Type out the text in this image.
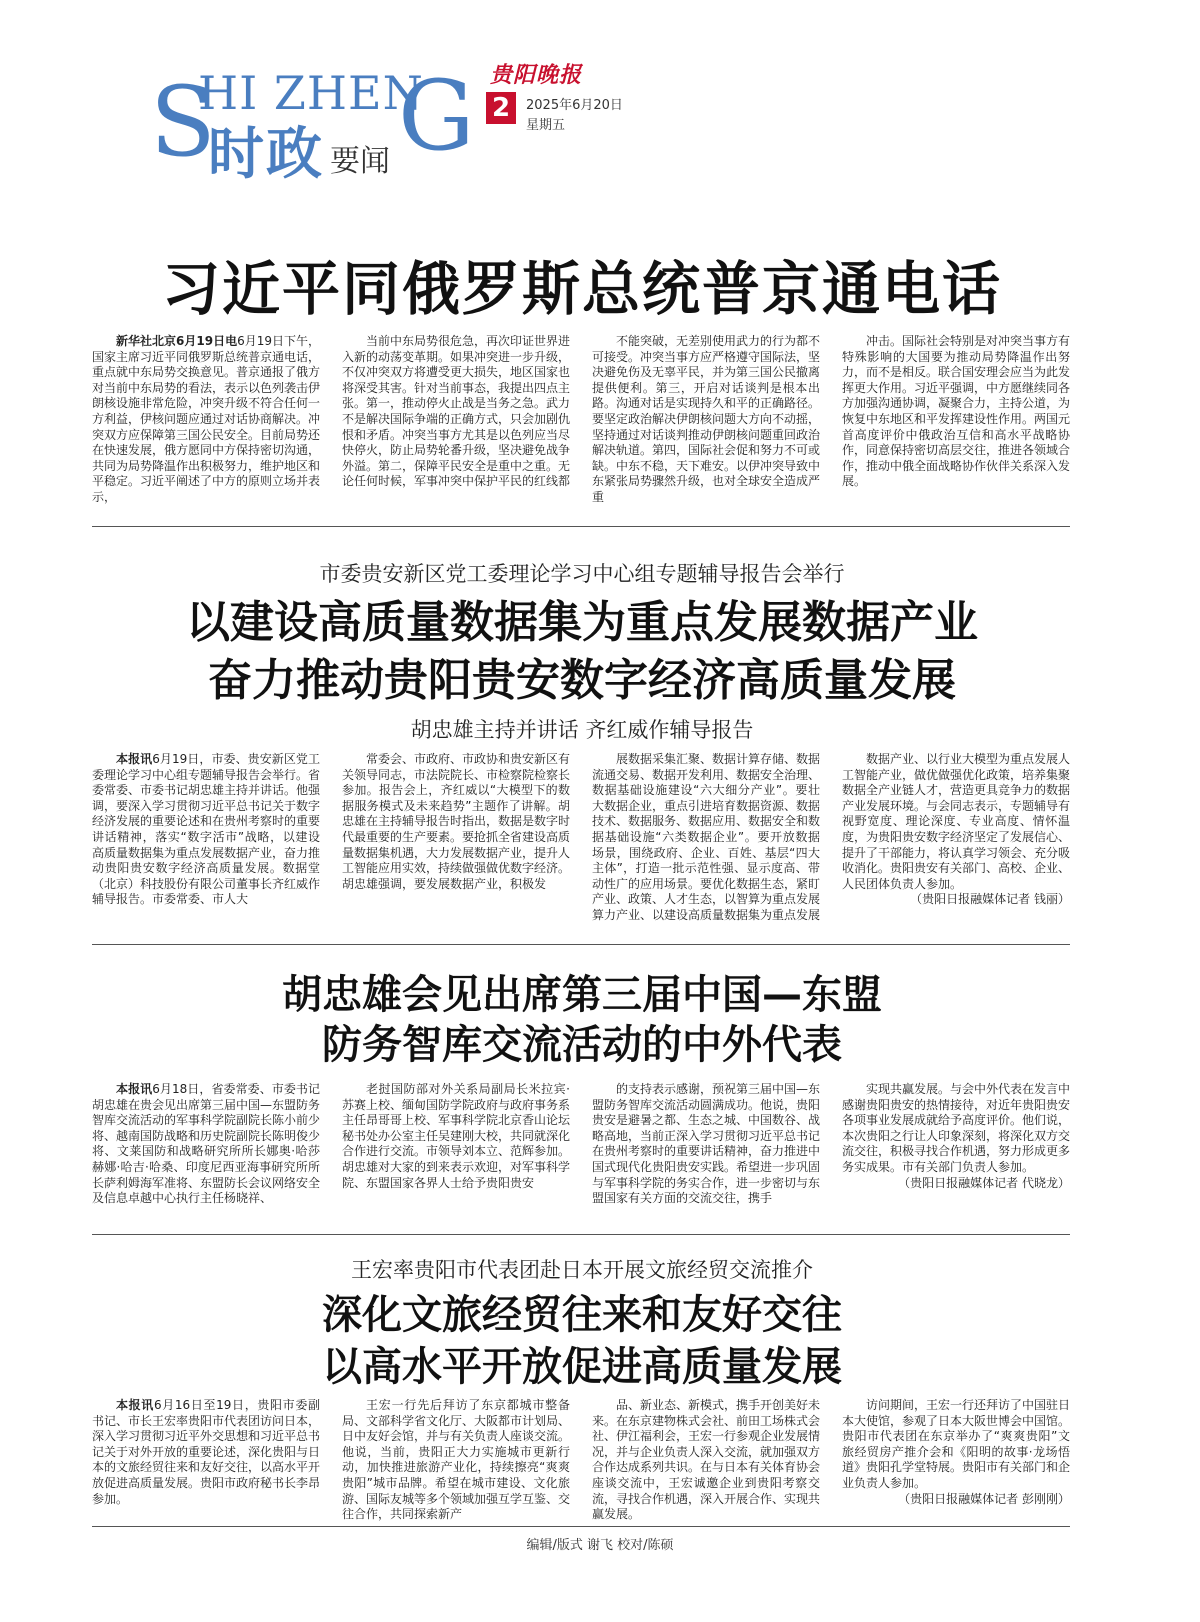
S
HI ZHEN
G
时政 要闻
贵阳晚报
2	2025年6月20日
星期五
习近平同俄罗斯总统普京通电话

新华社北京6月19日电6月19日下午，国家主席习近平同俄罗斯总统普京通电话，重点就中东局势交换意见。普京通报了俄方对当前中东局势的看法，表示以色列袭击伊朗核设施非常危险，冲突升级不符合任何一方利益，伊核问题应通过对话协商解决。冲突双方应保障第三国公民安全。目前局势还在快速发展，俄方愿同中方保持密切沟通，共同为局势降温作出积极努力，维护地区和平稳定。习近平阐述了中方的原则立场并表示，

当前中东局势很危急，再次印证世界进入新的动荡变革期。如果冲突进一步升级，不仅冲突双方将遭受更大损失，地区国家也将深受其害。针对当前事态，我提出四点主张。第一，推动停火止战是当务之急。武力不是解决国际争端的正确方式，只会加剧仇恨和矛盾。冲突当事方尤其是以色列应当尽快停火，防止局势轮番升级，坚决避免战争外溢。第二，保障平民安全是重中之重。无论任何时候，军事冲突中保护平民的红线都

不能突破，无差别使用武力的行为都不可接受。冲突当事方应严格遵守国际法，坚决避免伤及无辜平民，并为第三国公民撤离提供便利。第三，开启对话谈判是根本出路。沟通对话是实现持久和平的正确路径。要坚定政治解决伊朗核问题大方向不动摇，坚持通过对话谈判推动伊朗核问题重回政治解决轨道。第四，国际社会促和努力不可或缺。中东不稳，天下难安。以伊冲突导致中东紧张局势骤然升级，也对全球安全造成严重

冲击。国际社会特别是对冲突当事方有特殊影响的大国要为推动局势降温作出努力，而不是相反。联合国安理会应当为此发挥更大作用。习近平强调，中方愿继续同各方加强沟通协调，凝聚合力，主持公道，为恢复中东地区和平发挥建设性作用。两国元首高度评价中俄政治互信和高水平战略协作，同意保持密切高层交往，推进各领域合作，推动中俄全面战略协作伙伴关系深入发展。

市委贵安新区党工委理论学习中心组专题辅导报告会举行
以建设高质量数据集为重点发展数据产业
奋力推动贵阳贵安数字经济高质量发展
胡忠雄主持并讲话 齐红威作辅导报告

本报讯6月19日，市委、贵安新区党工委理论学习中心组专题辅导报告会举行。省委常委、市委书记胡忠雄主持并讲话。他强调，要深入学习贯彻习近平总书记关于数字经济发展的重要论述和在贵州考察时的重要讲话精神，落实“数字活市”战略，以建设高质量数据集为重点发展数据产业，奋力推动贵阳贵安数字经济高质量发展。数据堂（北京）科技股份有限公司董事长齐红威作辅导报告。市委常委、市人大

常委会、市政府、市政协和贵安新区有关领导同志，市法院院长、市检察院检察长参加。报告会上，齐红威以“大模型下的数据服务模式及未来趋势”主题作了讲解。胡忠雄在主持辅导报告时指出，数据是数字时代最重要的生产要素。要抢抓全省建设高质量数据集机遇，大力发展数据产业，提升人工智能应用实效，持续做强做优数字经济。胡忠雄强调，要发展数据产业，积极发

展数据采集汇聚、数据计算存储、数据流通交易、数据开发利用、数据安全治理、数据基础设施建设“六大细分产业”。要壮大数据企业，重点引进培育数据资源、数据技术、数据服务、数据应用、数据安全和数据基础设施“六类数据企业”。要开放数据场景，围绕政府、企业、百姓、基层“四大主体”，打造一批示范性强、显示度高、带动性广的应用场景。要优化数据生态，紧盯产业、政策、人才生态，以智算为重点发展算力产业、以建设高质量数据集为重点发展

数据产业、以行业大模型为重点发展人工智能产业，做优做强优化政策，培养集聚数据全产业链人才，营造更具竞争力的数据产业发展环境。与会同志表示，专题辅导有视野宽度、理论深度、专业高度、情怀温度，为贵阳贵安数字经济坚定了发展信心、提升了干部能力，将认真学习领会、充分吸收消化。贵阳贵安有关部门、高校、企业、人民团体负责人参加。

（贵阳日报融媒体记者 钱丽）

胡忠雄会见出席第三届中国—东盟
防务智库交流活动的中外代表

本报讯6月18日，省委常委、市委书记胡忠雄在贵会见出席第三届中国—东盟防务智库交流活动的军事科学院副院长陈小前少将、越南国防战略和历史院副院长陈明俊少将、文莱国防和战略研究所所长娜奥·哈莎赫娜·哈吉·哈桑、印度尼西亚海事研究所所长萨利姆海军准将、东盟防长会议网络安全及信息卓越中心执行主任杨晓祥、

老挝国防部对外关系局副局长米拉宾·苏赛上校、缅甸国防学院政府与政府事务系主任昂哥哥上校、军事科学院北京香山论坛秘书处办公室主任吴建刚大校，共同就深化合作进行交流。市领导刘本立、范辉参加。胡忠雄对大家的到来表示欢迎，对军事科学院、东盟国家各界人士给予贵阳贵安

的支持表示感谢，预祝第三届中国—东盟防务智库交流活动圆满成功。他说，贵阳贵安是避暑之都、生态之城、中国数谷、战略高地，当前正深入学习贯彻习近平总书记在贵州考察时的重要讲话精神，奋力推进中国式现代化贵阳贵安实践。希望进一步巩固与军事科学院的务实合作，进一步密切与东盟国家有关方面的交流交往，携手

实现共赢发展。与会中外代表在发言中感谢贵阳贵安的热情接待，对近年贵阳贵安各项事业发展成就给予高度评价。他们说，本次贵阳之行让人印象深刻，将深化双方交流交往，积极寻找合作机遇，努力形成更多务实成果。市有关部门负责人参加。

（贵阳日报融媒体记者 代晓龙）

王宏率贵阳市代表团赴日本开展文旅经贸交流推介
深化文旅经贸往来和友好交往
以高水平开放促进高质量发展

本报讯6月16日至19日，贵阳市委副书记、市长王宏率贵阳市代表团访问日本，深入学习贯彻习近平外交思想和习近平总书记关于对外开放的重要论述，深化贵阳与日本的文旅经贸往来和友好交往，以高水平开放促进高质量发展。贵阳市政府秘书长李昂参加。

王宏一行先后拜访了东京都城市整备局、文部科学省文化厅、大阪都市计划局、日中友好会馆，并与有关负责人座谈交流。他说，当前，贵阳正大力实施城市更新行动，加快推进旅游产业化，持续擦亮“爽爽贵阳”城市品牌。希望在城市建设、文化旅游、国际友城等多个领域加强互学互鉴、交往合作，共同探索新产

品、新业态、新模式，携手开创美好未来。在东京建物株式会社、前田工场株式会社、伊江福利会，王宏一行参观企业发展情况，并与企业负责人深入交流，就加强双方合作达成系列共识。在与日本有关体育协会座谈交流中，王宏诚邀企业到贵阳考察交流，寻找合作机遇，深入开展合作、实现共赢发展。

访问期间，王宏一行还拜访了中国驻日本大使馆，参观了日本大阪世博会中国馆。贵阳市代表团在东京举办了“爽爽贵阳”文旅经贸房产推介会和《阳明的故事·龙场悟道》贵阳孔学堂特展。贵阳市有关部门和企业负责人参加。

（贵阳日报融媒体记者 彭刚刚）

编辑/版式 谢飞 校对/陈硕
